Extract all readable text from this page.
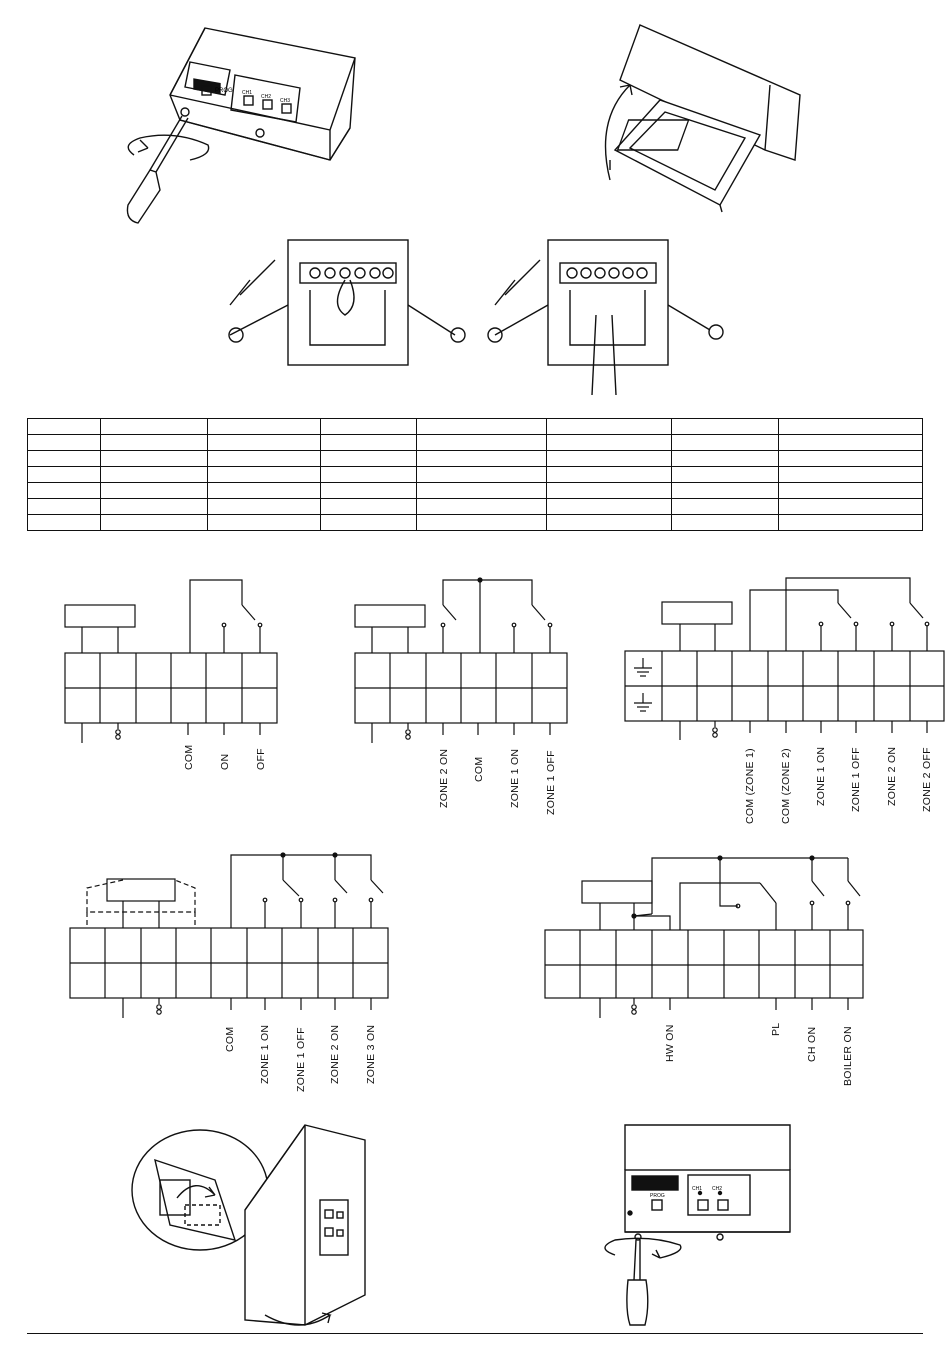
PROG CH1
CH2
CH3

COM ON OFF	ZONE 2 ON COM ZONE 1 ON ZONE 1 OFF	COM (ZONE 1) COM (ZONE 2) ZONE 1 ON ZONE 1 OFF ZONE 2 ON ZONE 2 OFF
COM ZONE 1 ON ZONE 1 OFF ZONE 2 ON ZONE 3 ON	HW ON	PL CH ON BOILER ON
CH1 CH2
PROG
